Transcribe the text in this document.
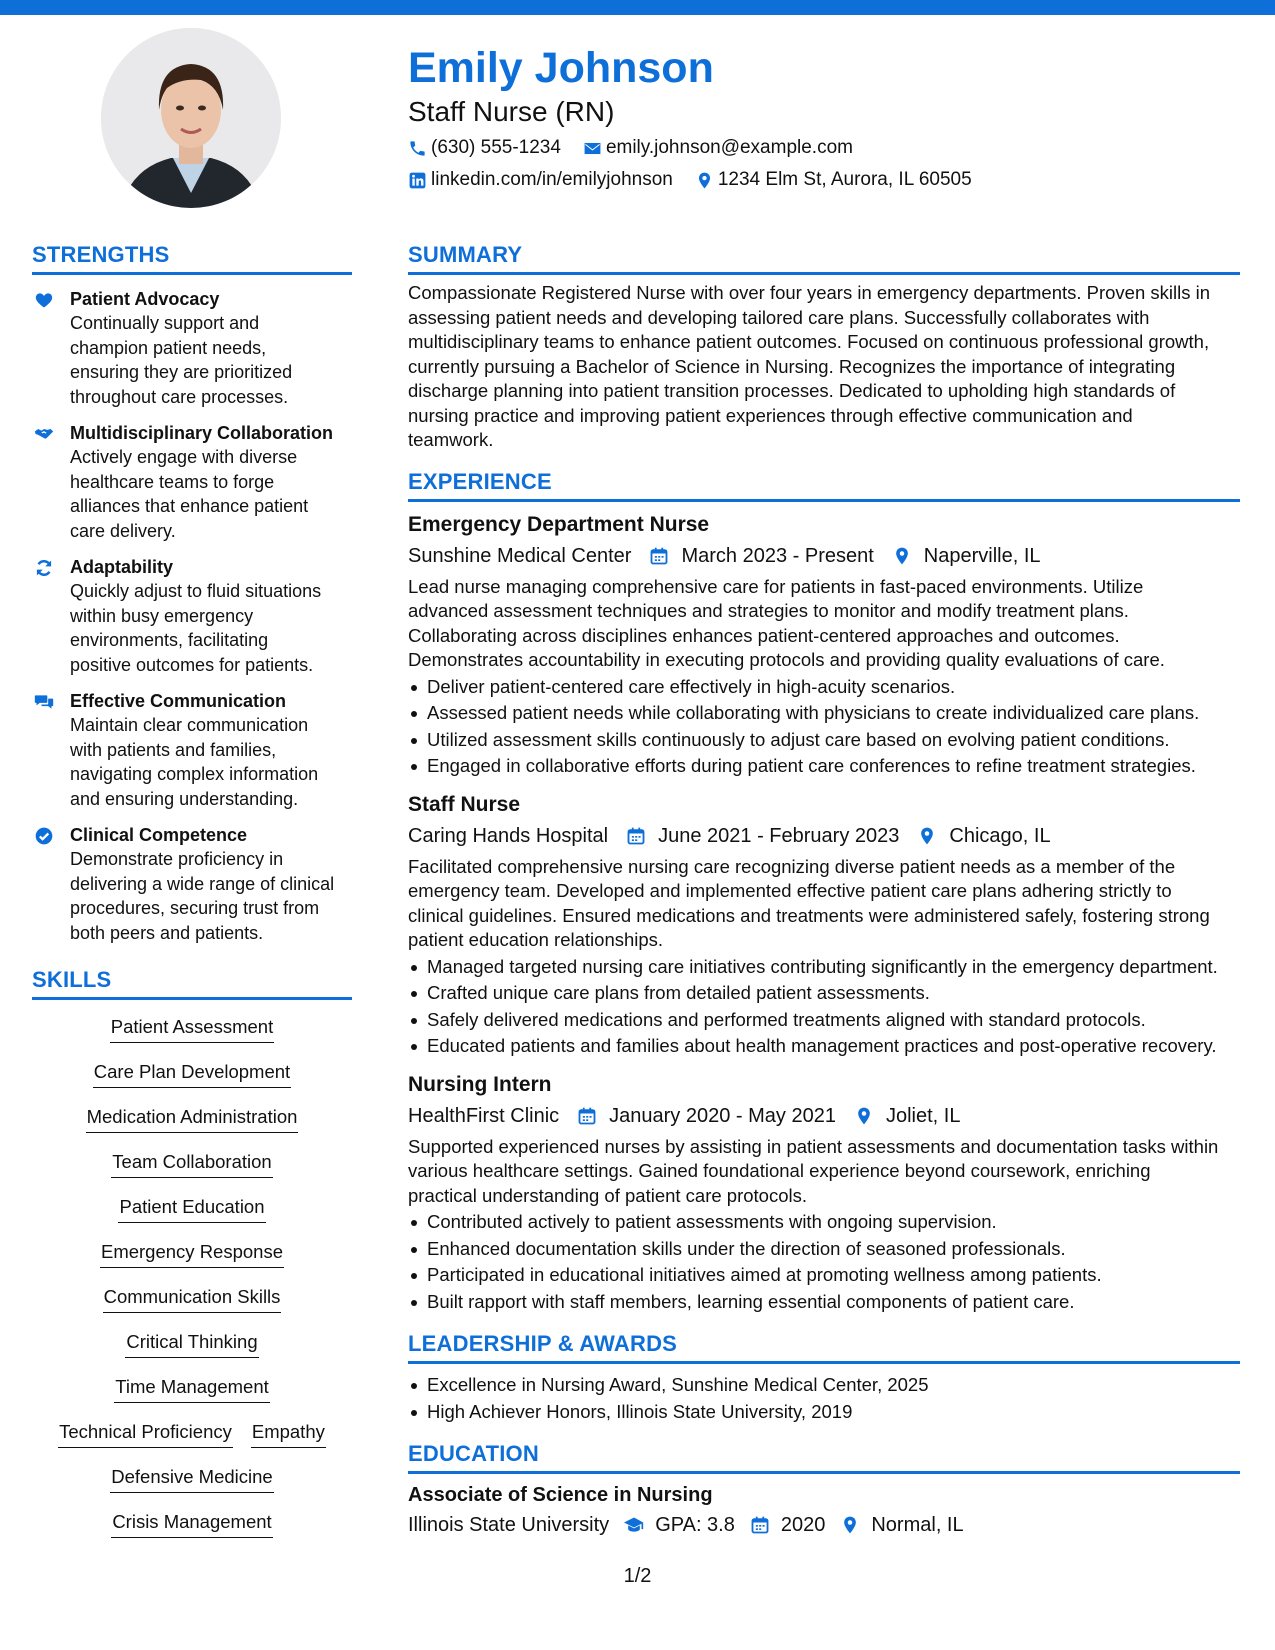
Emily Johnson
Staff Nurse (RN)
(630) 555-1234 emily.johnson@example.com
linkedin.com/in/emilyjohnson 1234 Elm St, Aurora, IL 60505
STRENGTHS
Patient Advocacy
Continually support and
champion patient needs,
ensuring they are prioritized
throughout care processes.
Multidisciplinary Collaboration
Actively engage with diverse
healthcare teams to forge
alliances that enhance patient
care delivery.
Adaptability
Quickly adjust to fluid situations
within busy emergency
environments, facilitating
positive outcomes for patients.
Effective Communication
Maintain clear communication
with patients and families,
navigating complex information
and ensuring understanding.
Clinical Competence
Demonstrate proficiency in
delivering a wide range of clinical
procedures, securing trust from
both peers and patients.
SKILLS
Patient Assessment
Care Plan Development
Medication Administration
Team Collaboration
Patient Education
Emergency Response
Communication Skills
Critical Thinking
Time Management
Technical Proficiency Empathy
Defensive Medicine
Crisis Management
SUMMARY
Compassionate Registered Nurse with over four years in emergency departments. Proven skills in
assessing patient needs and developing tailored care plans. Successfully collaborates with
multidisciplinary teams to enhance patient outcomes. Focused on continuous professional growth,
currently pursuing a Bachelor of Science in Nursing. Recognizes the importance of integrating
discharge planning into patient transition processes. Dedicated to upholding high standards of
nursing practice and improving patient experiences through effective communication and
teamwork.
EXPERIENCE
Emergency Department Nurse
Sunshine Medical Center	March 2023 - Present	Naperville, IL
Lead nurse managing comprehensive care for patients in fast-paced environments. Utilize
advanced assessment techniques and strategies to monitor and modify treatment plans.
Collaborating across disciplines enhances patient-centered approaches and outcomes.
Demonstrates accountability in executing protocols and providing quality evaluations of care.
Deliver patient-centered care effectively in high-acuity scenarios.
Assessed patient needs while collaborating with physicians to create individualized care plans.
Utilized assessment skills continuously to adjust care based on evolving patient conditions.
Engaged in collaborative efforts during patient care conferences to refine treatment strategies.
Staff Nurse
Caring Hands Hospital	June 2021 - February 2023	Chicago, IL
Facilitated comprehensive nursing care recognizing diverse patient needs as a member of the
emergency team. Developed and implemented effective patient care plans adhering strictly to
clinical guidelines. Ensured medications and treatments were administered safely, fostering strong
patient education relationships.
Managed targeted nursing care initiatives contributing significantly in the emergency department.
Crafted unique care plans from detailed patient assessments.
Safely delivered medications and performed treatments aligned with standard protocols.
Educated patients and families about health management practices and post-operative recovery.
Nursing Intern
HealthFirst Clinic	January 2020 - May 2021	Joliet, IL
Supported experienced nurses by assisting in patient assessments and documentation tasks within
various healthcare settings. Gained foundational experience beyond coursework, enriching
practical understanding of patient care protocols.
Contributed actively to patient assessments with ongoing supervision.
Enhanced documentation skills under the direction of seasoned professionals.
Participated in educational initiatives aimed at promoting wellness among patients.
Built rapport with staff members, learning essential components of patient care.
LEADERSHIP & AWARDS
Excellence in Nursing Award, Sunshine Medical Center, 2025
High Achiever Honors, Illinois State University, 2019
EDUCATION
Associate of Science in Nursing
Illinois State University GPA: 3.8 2020 Normal, IL
1/2
